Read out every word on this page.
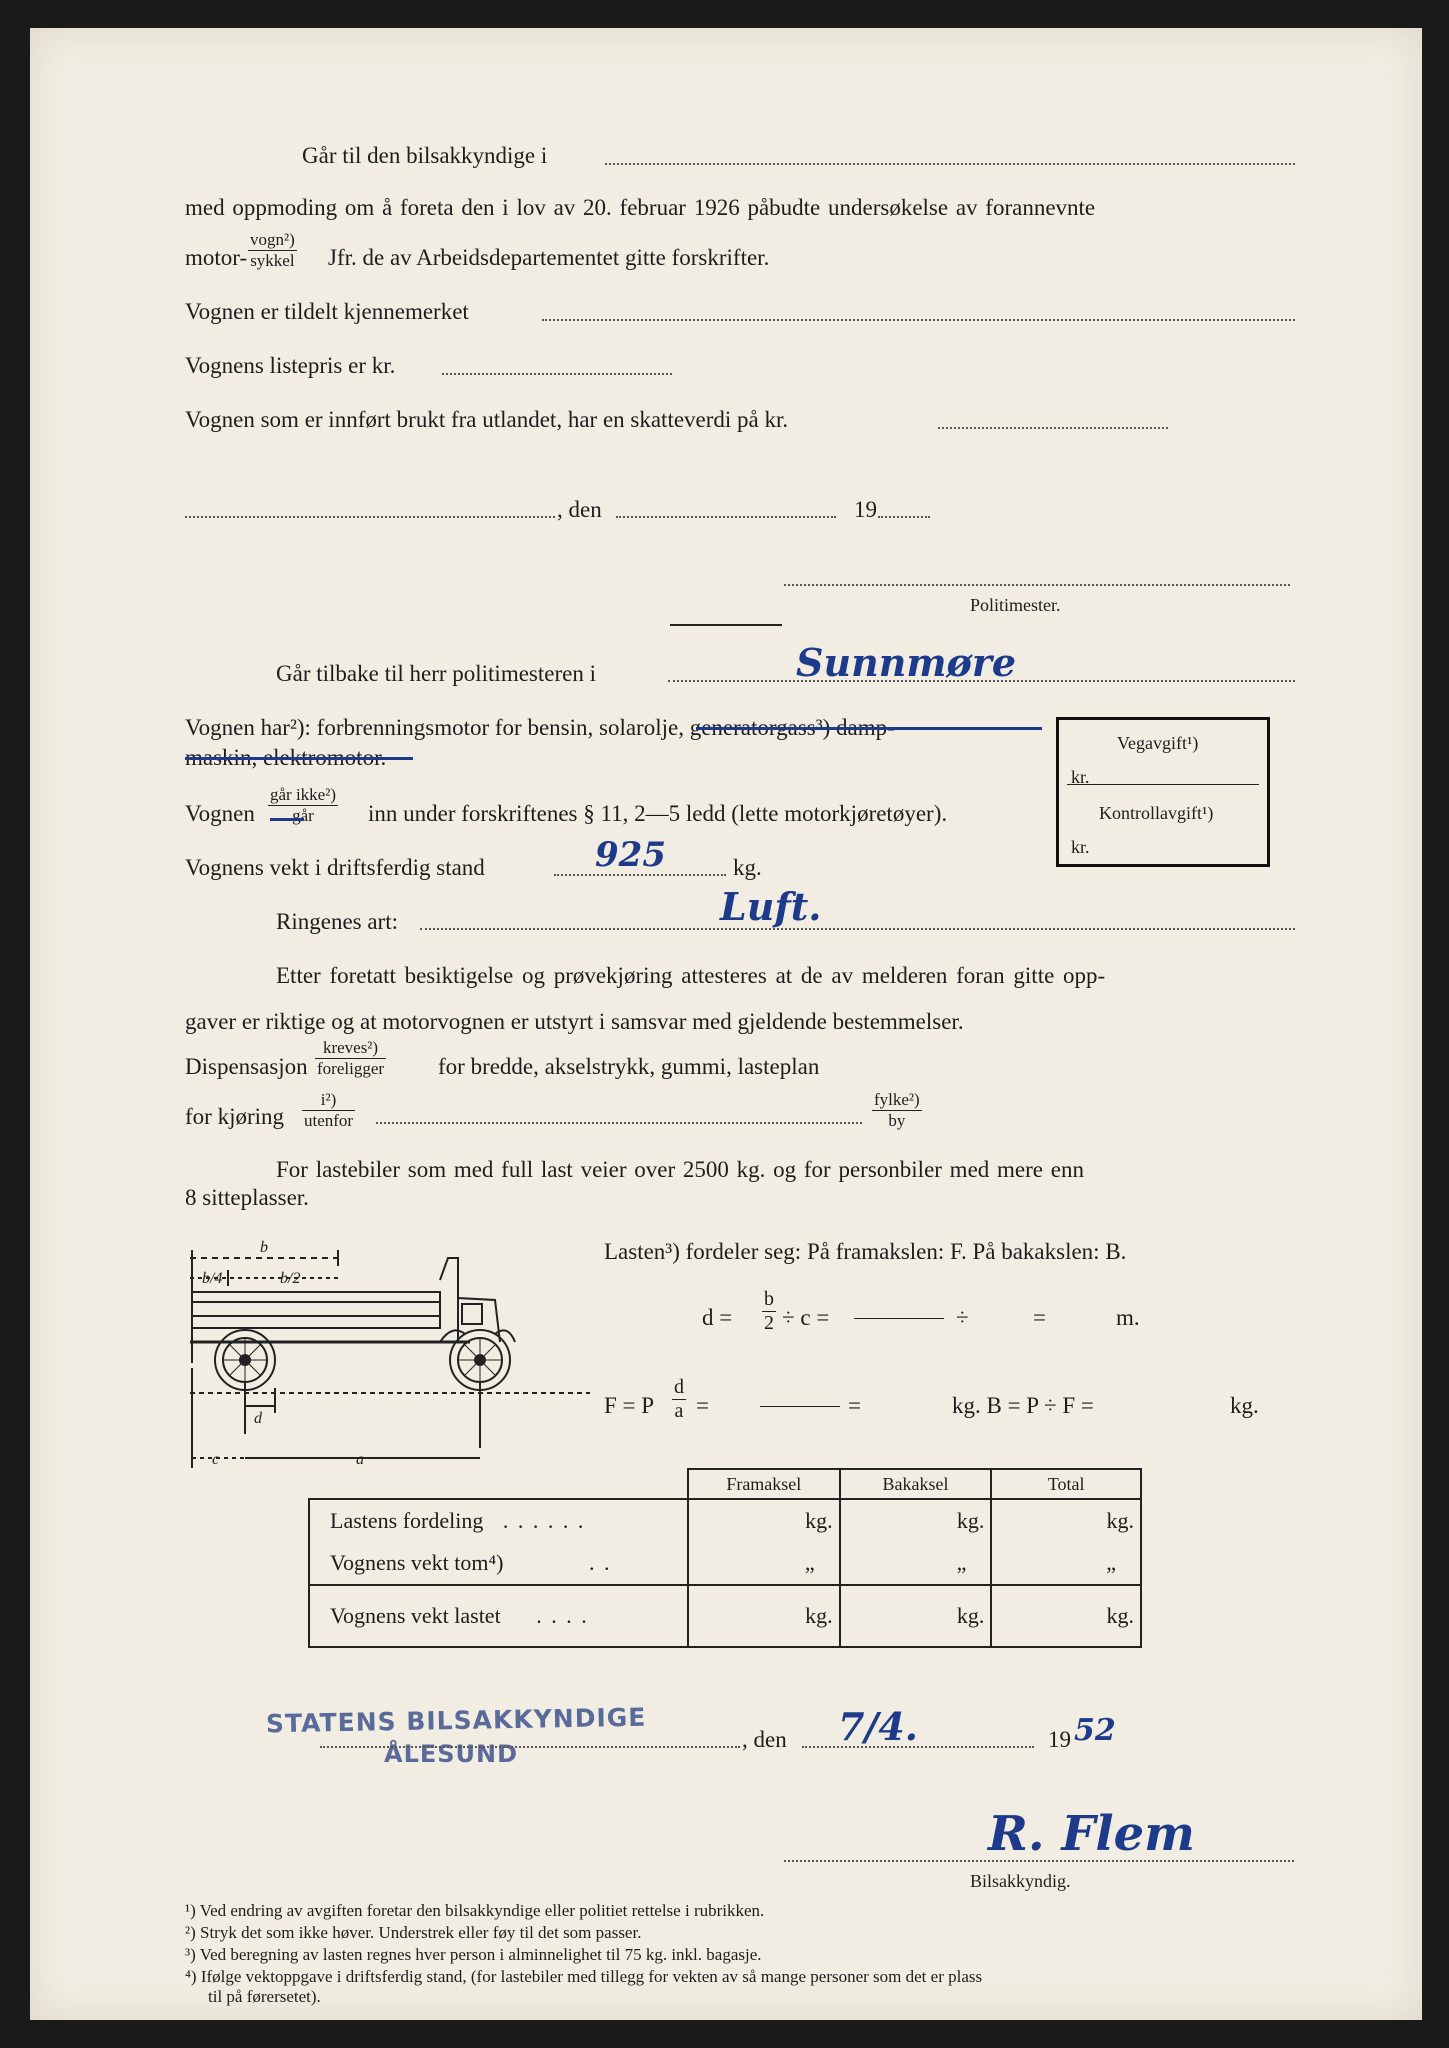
Går til den bilsakkyndige i
med oppmoding om å foreta den i lov av 20. februar 1926 påbudte undersøkelse av forannevnte
motor-
vogn²)
sykkel Jfr. de av Arbeidsdepartementet gitte forskrifter.
Vognen er tildelt kjennemerket
Vognens listepris er kr.
Vognen som er innført brukt fra utlandet, har en skatteverdi på kr.
, den	19
Politimester.
Går tilbake til herr politimesteren i	Sunnmøre
Vognen har²): forbrenningsmotor for bensin, solarolje, generatorgass³) damp-
maskin, elektromotor.
Vognen
går ikke²)
går	inn under forskriftenes § 11, 2—5 ledd (lette motorkjøretøyer).
Vognens vekt i driftsferdig stand	925	kg.
Ringenes art:	Luft.
Etter foretatt besiktigelse og prøvekjøring attesteres at de av melderen foran gitte opp-
gaver er riktige og at motorvognen er utstyrt i samsvar med gjeldende bestemmelser.
Dispensasjon
kreves²)
foreligger for bredde, akselstrykk, gummi, lasteplan
for kjøring
i²)
utenfor
fylke²)
by
For lastebiler som med full last veier over 2500 kg. og for personbiler med mere enn
8 sitteplasser.
Vegavgift¹)
kr.
Kontrollavgift¹)
kr.
Lasten³) fordeler seg: På framakslen: F. På bakakslen: B.
$d = \frac{b}{2} \div c$ =	÷	=	m.
F = P $\frac{d}{a}$ =	=	kg. B = P ÷ F =	kg.
b
b/4	b/2
d
c	a
	Framaksel	Bakaksel	Total
Lastens fordeling . . . . . .	kg.	kg.	kg.
Vognens vekt tom⁴) . .	„	„	„
Vognens vekt lastet . . . .	kg.	kg.	kg.
STATENS BILSAKKYNDIGE
ÅLESUND
, den 7/4.	19 52
R. Flem
Bilsakkyndig.
¹) Ved endring av avgiften foretar den bilsakkyndige eller politiet rettelse i rubrikken.
²) Stryk det som ikke høver. Understrek eller føy til det som passer.
³) Ved beregning av lasten regnes hver person i alminnelighet til 75 kg. inkl. bagasje.
⁴) Ifølge vektoppgave i driftsferdig stand, (for lastebiler med tillegg for vekten av så mange personer som det er plass
til på førersetet).
